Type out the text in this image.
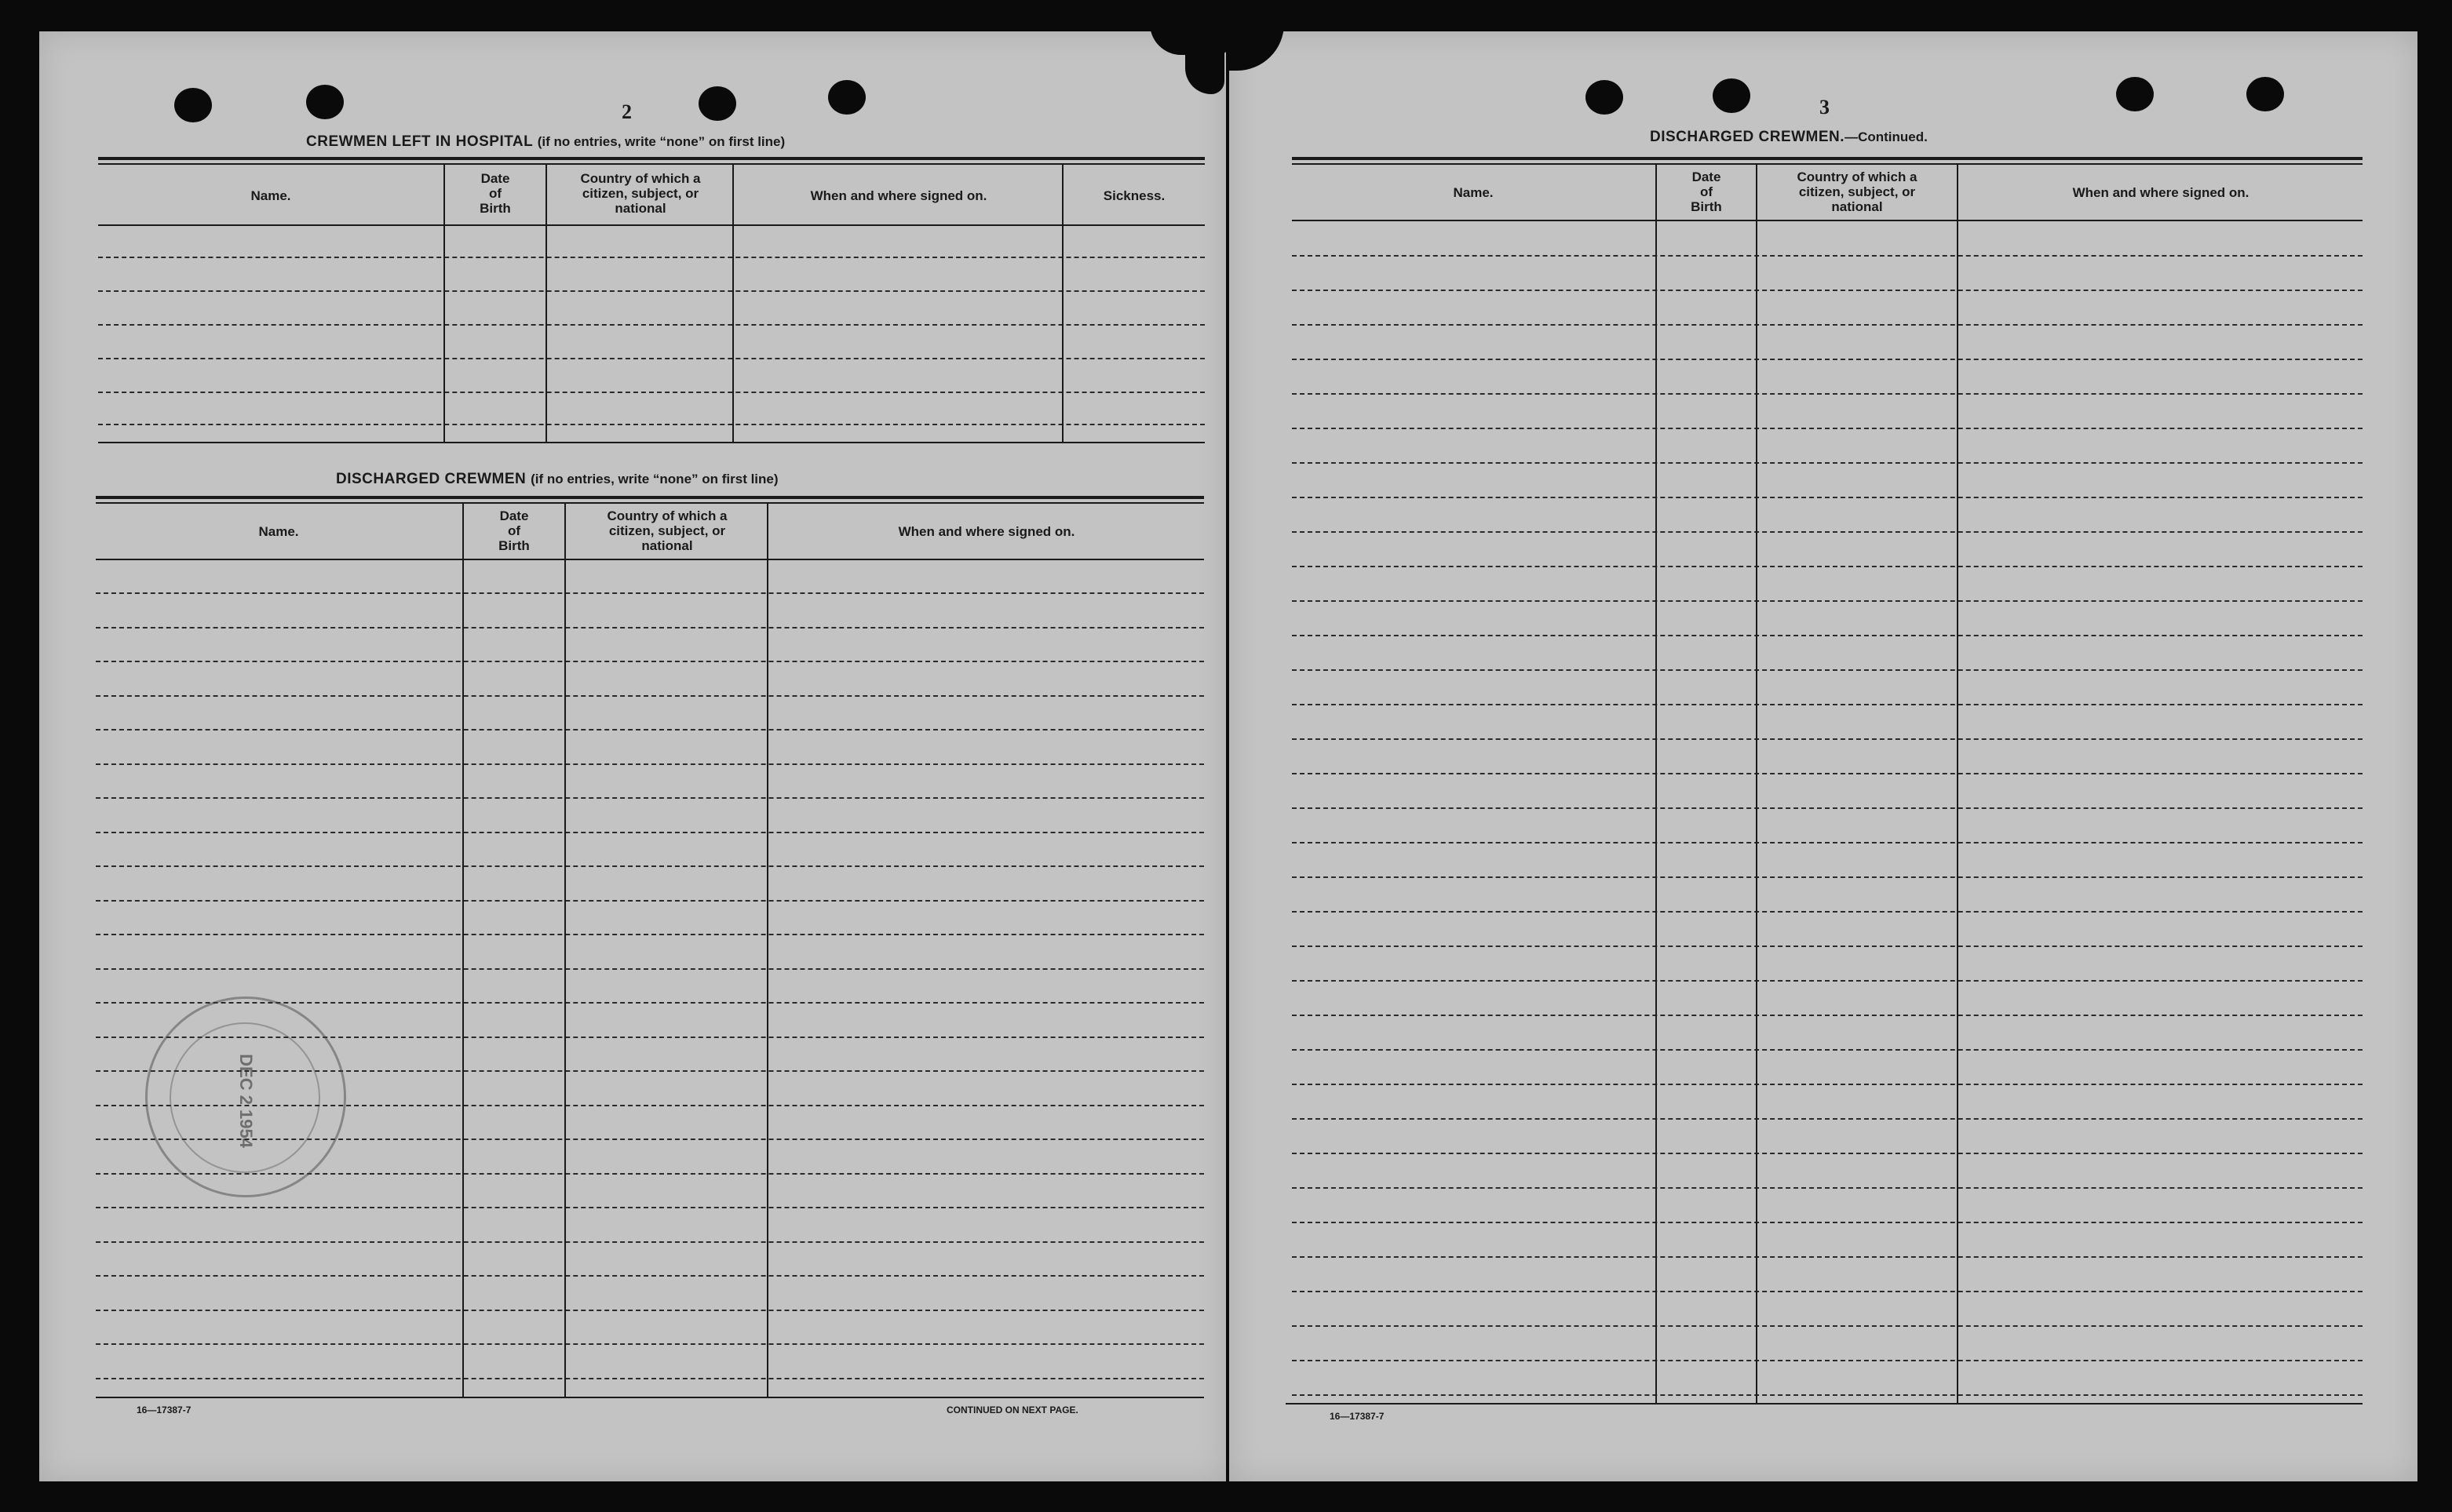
2
CREWMEN LEFT IN HOSPITAL (if no entries, write “none” on first line)
Name.
Date
of
Birth
Country of which a
citizen, subject, or
national
When and where signed on.	Sickness.
DISCHARGED CREWMEN (if no entries, write “none” on first line)
Name.
Date
of
Birth
Country of which a
citizen, subject, or
national
When and where signed on.
16—17387-7	CONTINUED ON NEXT PAGE.
DEC 2 1954
3
DISCHARGED CREWMEN.—Continued.
Name.
Date
of
Birth
Country of which a
citizen, subject, or
national
When and where signed on.
16—17387-7
